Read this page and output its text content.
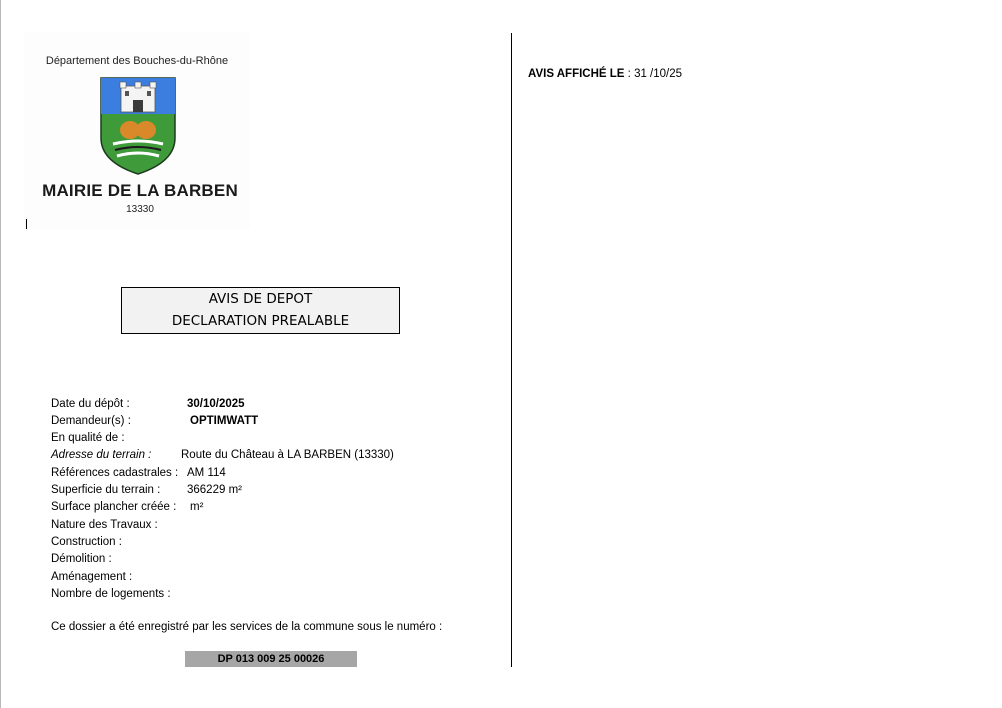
Département des Bouches-du-Rhône
MAIRIE DE LA BARBEN
13330
AVIS AFFICHÉ LE : 31 /10/25
AVIS DE DEPOT
DECLARATION PREALABLE
Date du dépôt :	30/10/2025
Demandeur(s) :	OPTIMWATT
En qualité de :
Adresse du terrain :	Route du Château à LA BARBEN (13330)
Références cadastrales : AM 114
Superficie du terrain : 366229 m²
Surface plancher créée : m²
Nature des Travaux :
Construction :
Démolition :
Aménagement :
Nombre de logements :
Ce dossier a été enregistré par les services de la commune sous le numéro :
DP 013 009 25 00026
